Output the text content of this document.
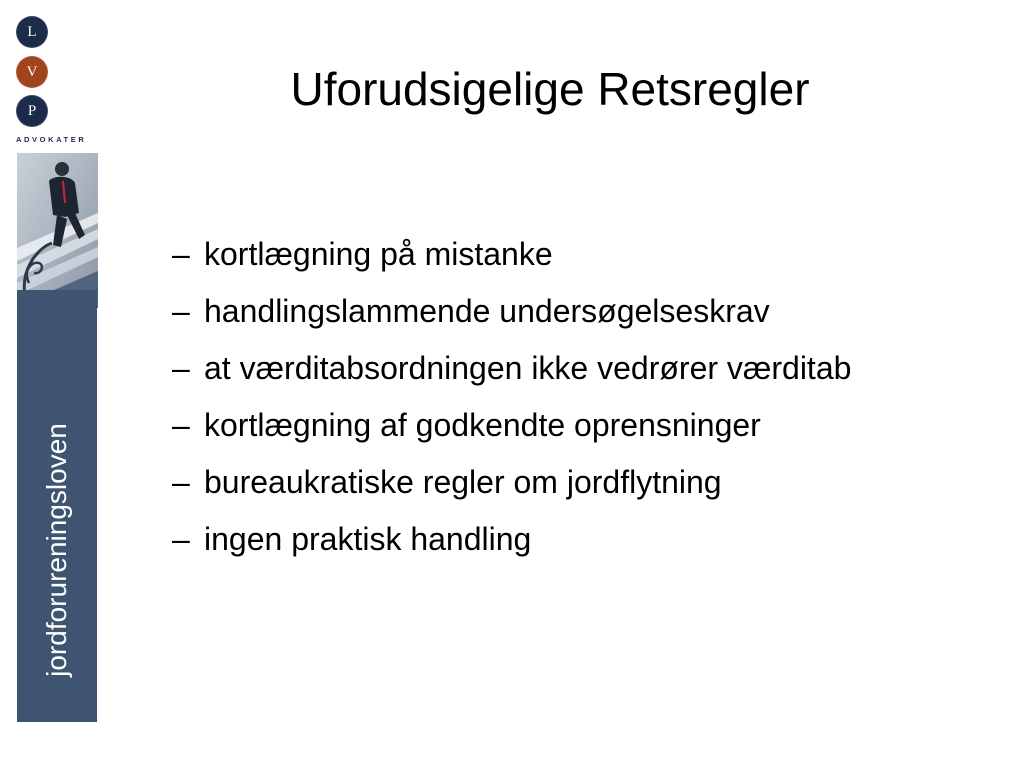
L
V
P
ADVOKATER
jordforureningsloven
Uforudsigelige Retsregler
– kortlægning på mistanke
– handlingslammende undersøgelseskrav
– at værditabsordningen ikke vedrører værditab
– kortlægning af godkendte oprensninger
– bureaukratiske regler om jordflytning
– ingen praktisk handling
